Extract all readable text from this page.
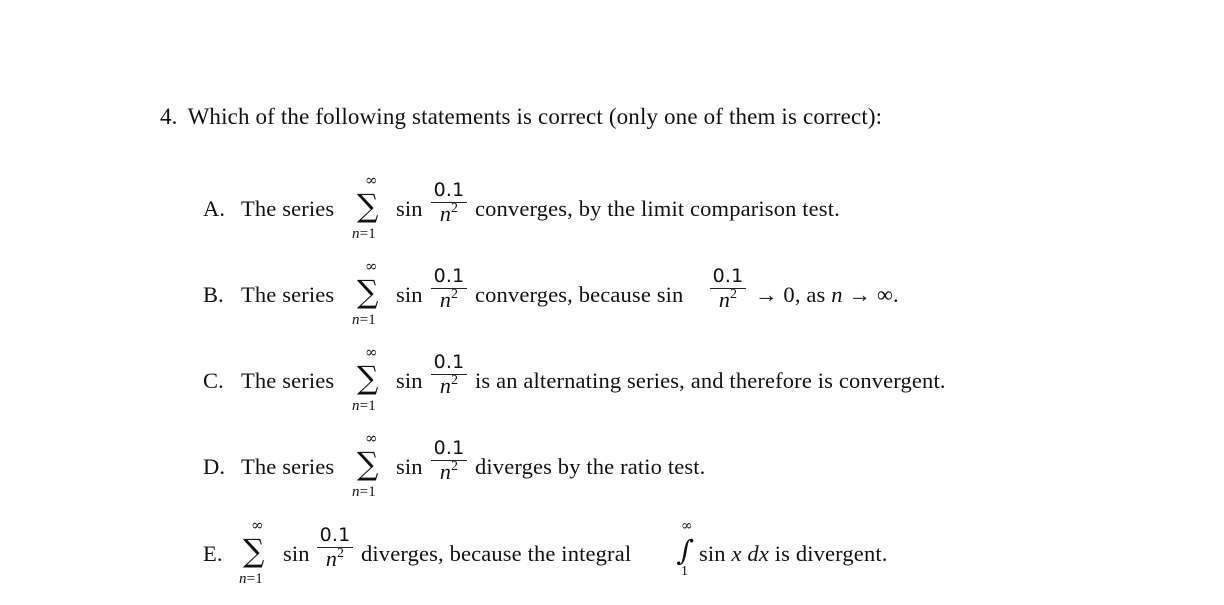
4. Which of the following statements is correct (only one of them is correct):
A. The series
∞
∑
n=1
sin
0.1
$n^2$ converges, by the limit comparison test.
B. The series
∞
∑
n=1
sin
0.1
$n^2$ converges, because sin
0.1
$n^2 \to 0$, as n → ∞.
C. The series
∞
∑
n=1
sin
0.1
$n^2$ is an alternating series, and therefore is convergent.
D. The series
∞
∑
n=1
sin
0.1
$n^2$ diverges by the ratio test.
E.
∞
∑
n=1
sin
0.1
$n^2$ diverges, because the integral
∞
∫
1
sin x dx is divergent.
